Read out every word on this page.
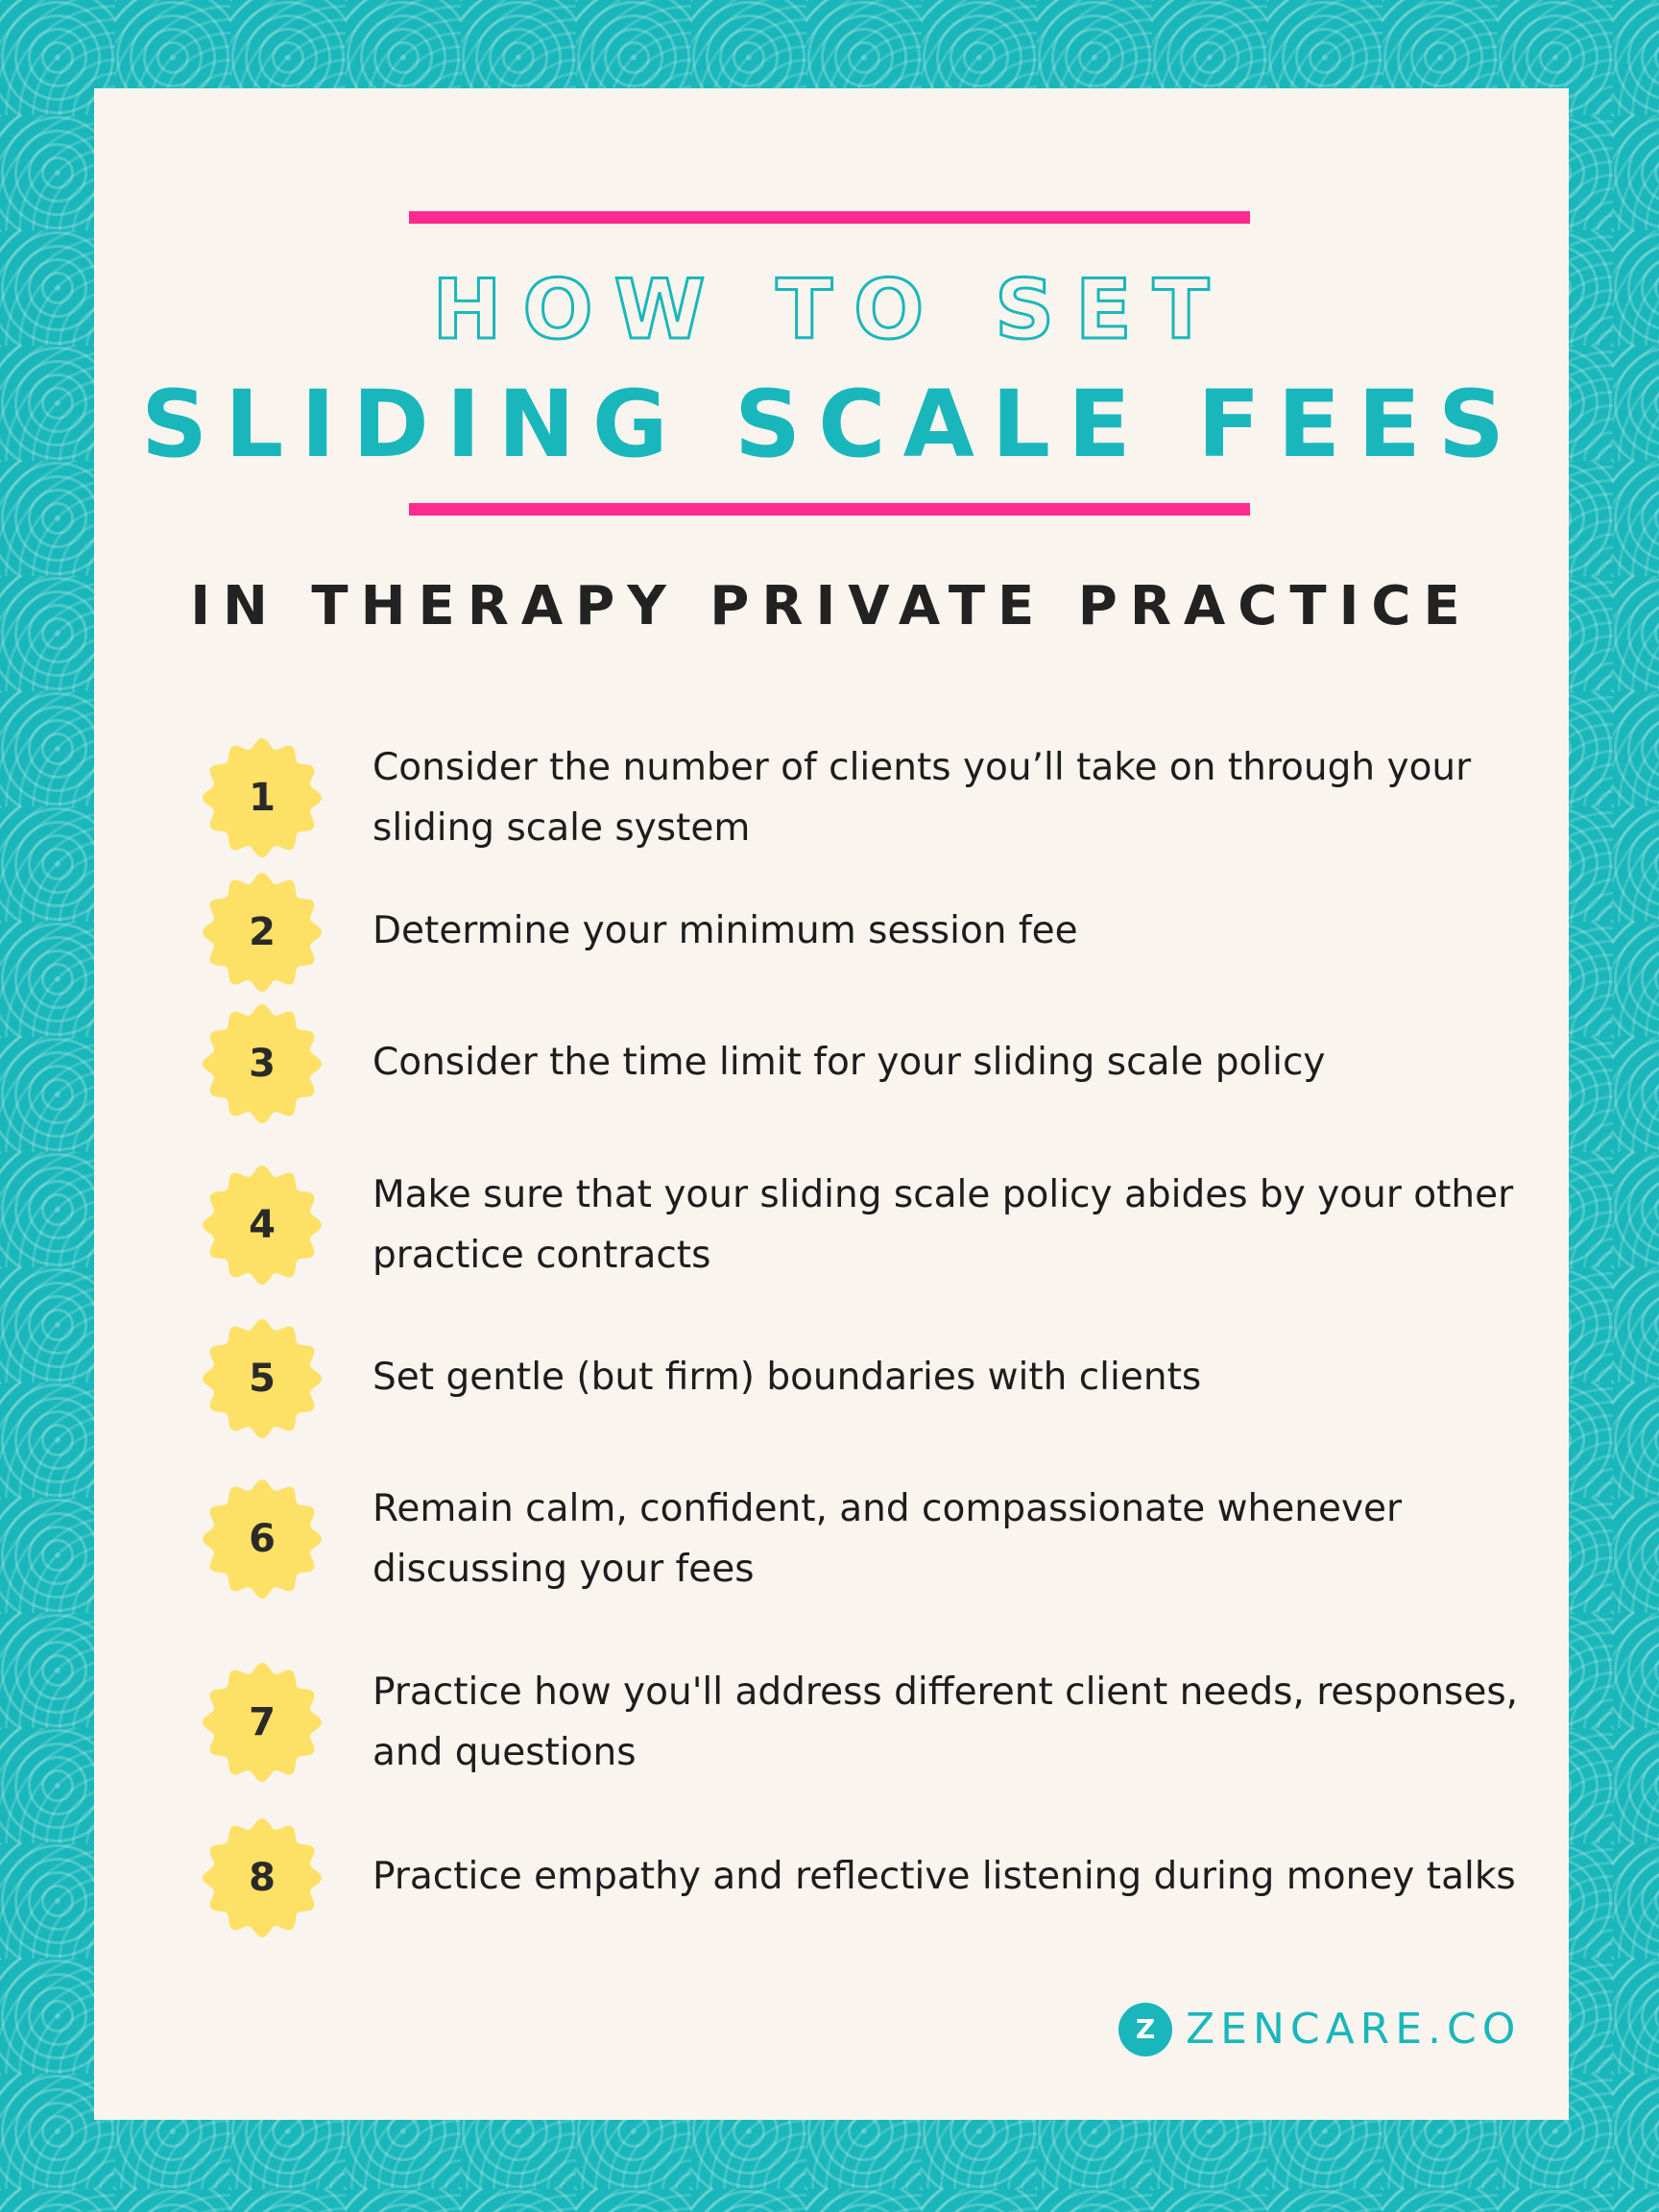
HOW TO SET
SLIDING SCALE FEES
IN THERAPY PRIVATE PRACTICE
1
Consider the number of clients you’ll take on through your sliding scale system
2	Determine your minimum session fee
3	Consider the time limit for your sliding scale policy
4
Make sure that your sliding scale policy abides by your other practice contracts
5	Set gentle (but firm) boundaries with clients
6
Remain calm, confident, and compassionate whenever discussing your fees
7
Practice how you'll address different client needs, responses, and questions
8	Practice empathy and reflective listening during money talks
Z ZENCARE.CO
